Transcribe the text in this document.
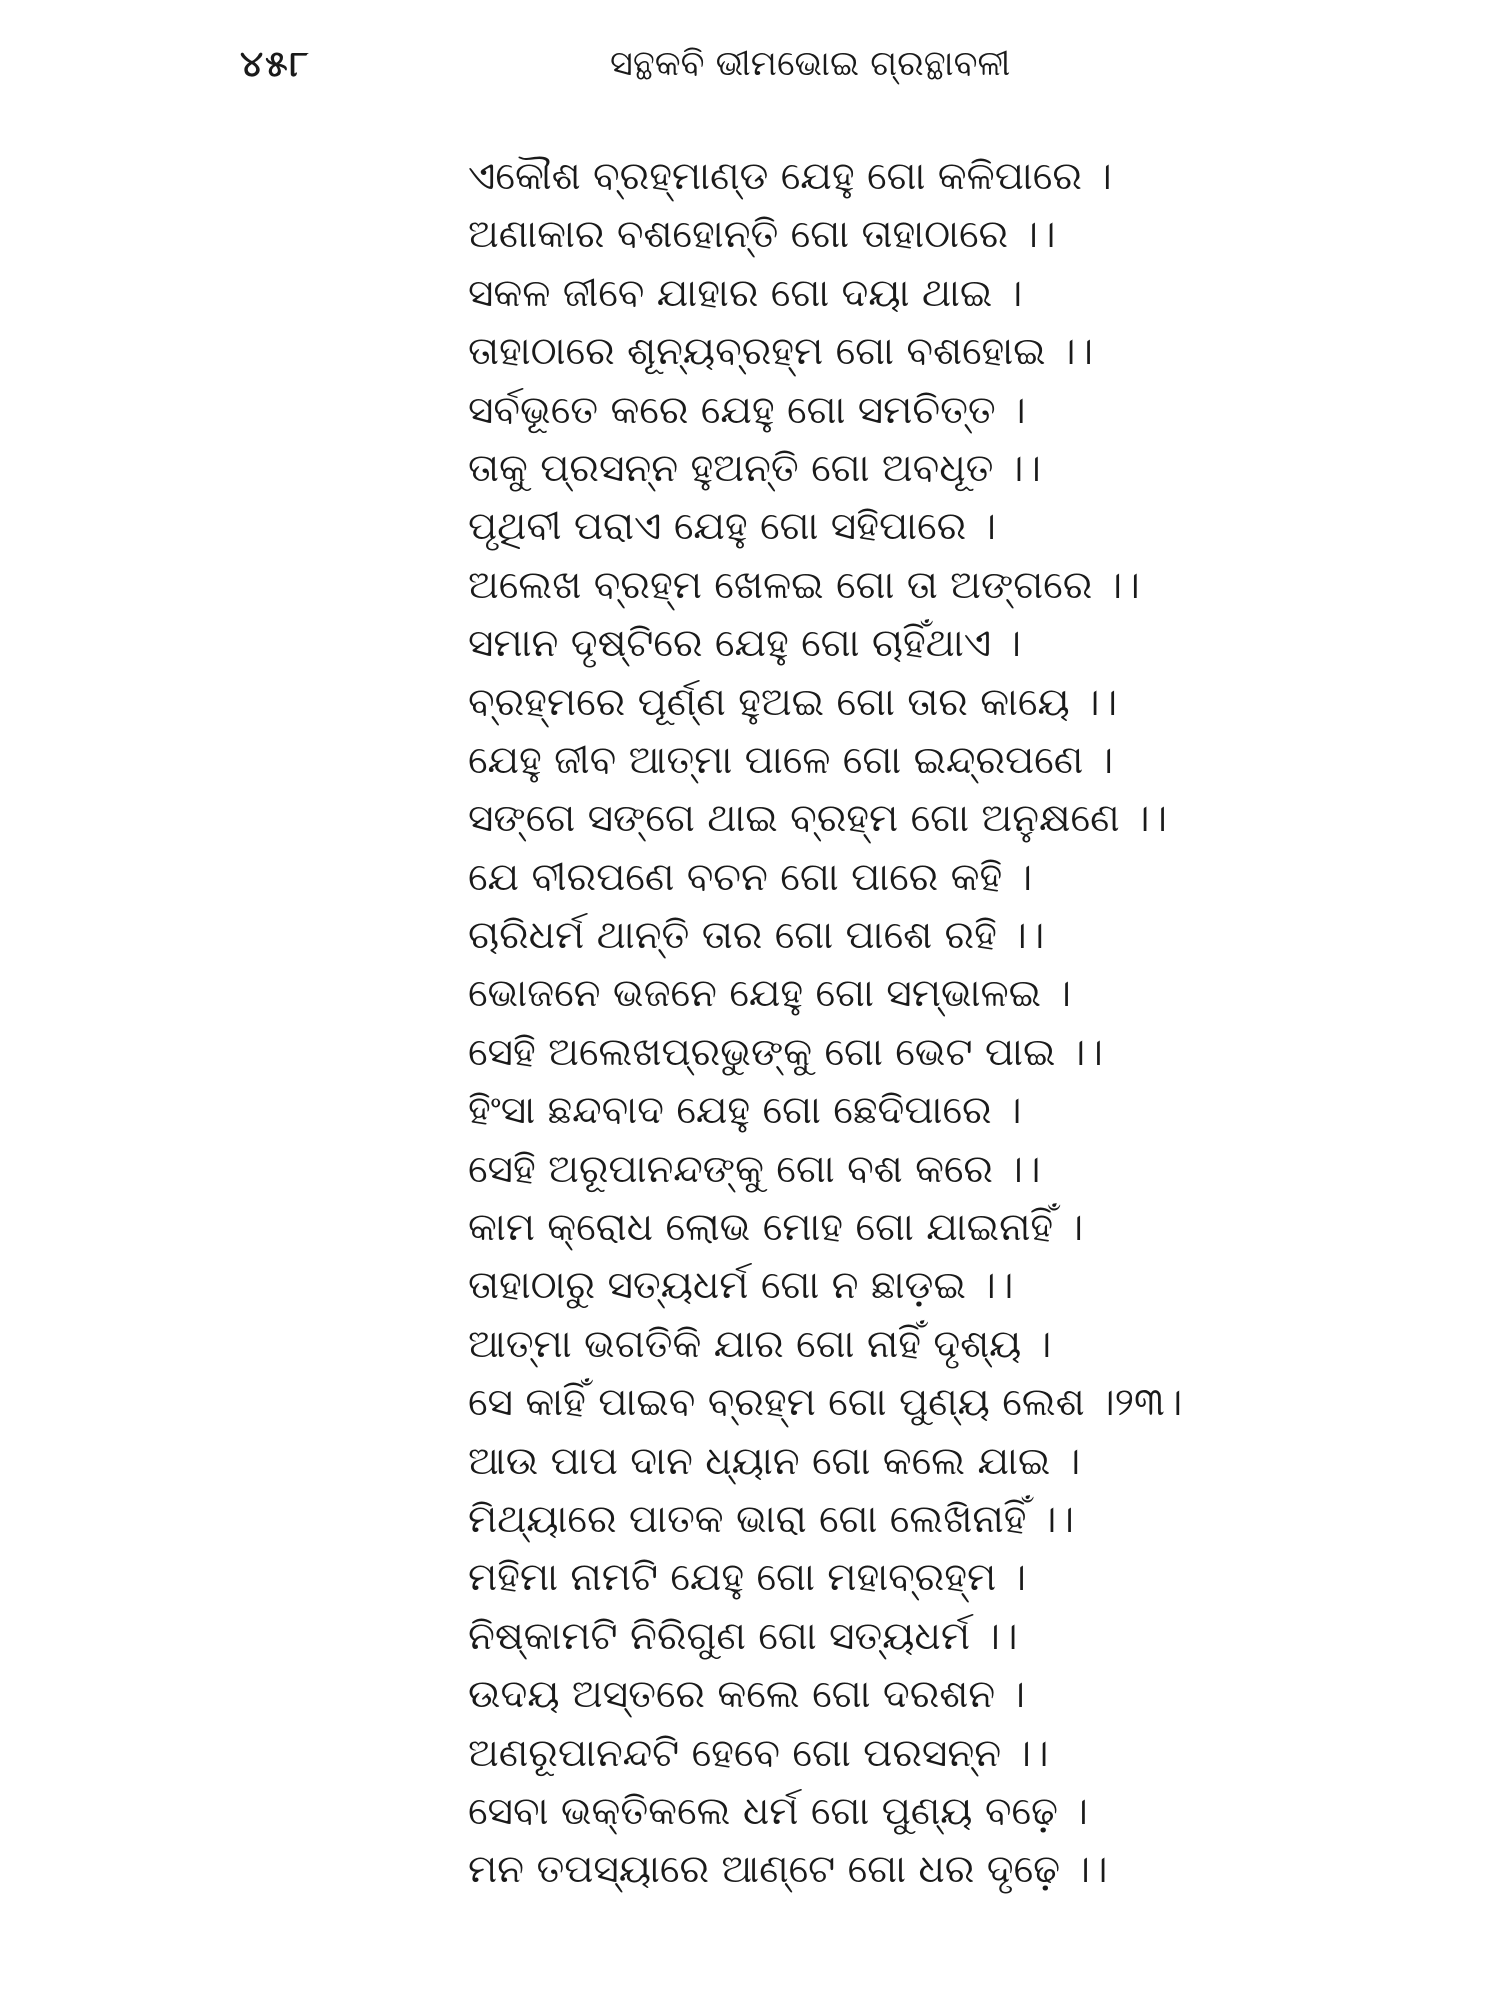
୪୫୮	ସନ୍ଥକବି ଭୀମଭୋଇ ଗ୍ରନ୍ଥାବଳୀ
ଏକୌଶ ବ୍ରହ୍ମାଣ୍ଡ ଯେହୁ ଗୋ କଳିପାରେ ।
ଅଣାକାର ବଶହୋନ୍ତି ଗୋ ତାହାଠାରେ ।।
ସକଳ ଜୀବେ ଯାହାର ଗୋ ଦୟା ଥାଇ ।
ତାହାଠାରେ ଶୂନ୍ୟବ୍ରହ୍ମ ଗୋ ବଶହୋଇ ।।
ସର୍ବଭୂତେ କରେ ଯେହୁ ଗୋ ସମଚିତ୍ତ ।
ତାକୁ ପ୍ରସନ୍ନ ହୁଅନ୍ତି ଗୋ ଅବଧୂତ ।।
ପୃଥିବୀ ପରାଏ ଯେହୁ ଗୋ ସହିପାରେ ।
ଅଲେଖ ବ୍ରହ୍ମ ଖେଳଇ ଗୋ ତା ଅଙ୍ଗରେ ।।
ସମାନ ଦୃଷ୍ଟିରେ ଯେହୁ ଗୋ ଚାହିଁଥାଏ ।
ବ୍ରହ୍ମରେ ପୂର୍ଣ୍ଣ ହୁଅଇ ଗୋ ତାର କାୟେ ।।
ଯେହୁ ଜୀବ ଆତ୍ମା ପାଳେ ଗୋ ଇନ୍ଦ୍ରପଣେ ।
ସଙ୍ଗେ ସଙ୍ଗେ ଥାଇ ବ୍ରହ୍ମ ଗୋ ଅନୁକ୍ଷଣେ ।।
ଯେ ବୀରପଣେ ବଚନ ଗୋ ପାରେ କହି ।
ଚାରିଧର୍ମ ଥାନ୍ତି ତାର ଗୋ ପାଶେ ରହି ।।
ଭୋଜନେ ଭଜନେ ଯେହୁ ଗୋ ସମ୍ଭାଳଇ ।
ସେହି ଅଲେଖପ୍ରଭୁଙ୍କୁ ଗୋ ଭେଟ ପାଇ ।।
ହିଂସା ଛନ୍ଦବାଦ ଯେହୁ ଗୋ ଛେଦିପାରେ ।
ସେହି ଅରୂପାନନ୍ଦଙ୍କୁ ଗୋ ବଶ କରେ ।।
କାମ କ୍ରୋଧ ଲୋଭ ମୋହ ଗୋ ଯାଇନାହିଁ ।
ତାହାଠାରୁ ସତ୍ୟଧର୍ମ ଗୋ ନ ଛାଡ଼ଇ ।।
ଆତ୍ମା ଭଗତିକି ଯାର ଗୋ ନାହିଁ ଦୃଶ୍ୟ ।
ସେ କାହିଁ ପାଇବ ବ୍ରହ୍ମ ଗୋ ପୁଣ୍ୟ ଲେଶ ।୨୩।
ଆଉ ପାପ ଦାନ ଧ୍ୟାନ ଗୋ କଲେ ଯାଇ ।
ମିଥ୍ୟାରେ ପାତକ ଭାରା ଗୋ ଲେଖିନାହିଁ ।।
ମହିମା ନାମଟି ଯେହୁ ଗୋ ମହାବ୍ରହ୍ମ ।
ନିଷ୍କାମଟି ନିରିଗୁଣ ଗୋ ସତ୍ୟଧର୍ମ ।।
ଉଦୟ ଅସ୍ତରେ କଲେ ଗୋ ଦରଶନ ।
ଅଣରୂପାନନ୍ଦଟି ହେବେ ଗୋ ପରସନ୍ନ ।।
ସେବା ଭକ୍ତିକଲେ ଧର୍ମ ଗୋ ପୁଣ୍ୟ ବଢ଼େ ।
ମନ ତପସ୍ୟାରେ ଆଣ୍ଟେ ଗୋ ଧର ଦୃଢ଼େ ।।
